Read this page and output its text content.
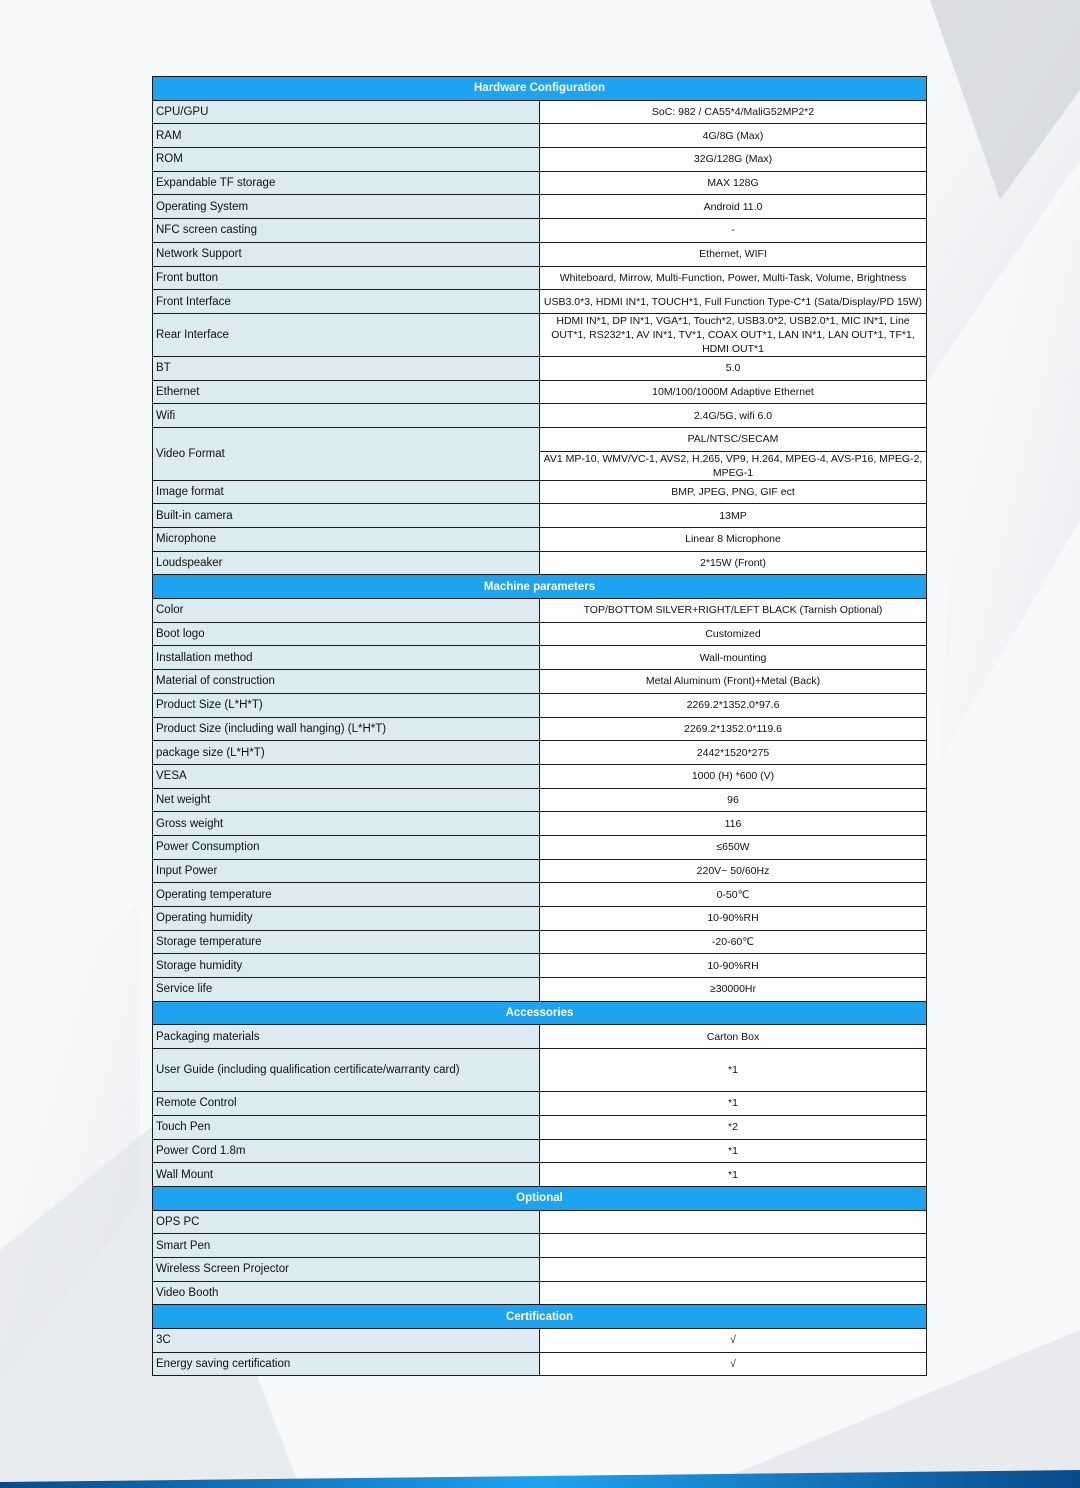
Hardware Configuration	
CPU/GPU	SoC: 982 / CA55*4/MaliG52MP2*2
RAM	4G/8G (Max)
ROM	32G/128G (Max)
Expandable TF storage	MAX 128G
Operating System	Android 11.0
NFC screen casting	-
Network Support	Ethernet, WIFI
Front button	Whiteboard, Mirrow, Multi-Function, Power, Multi-Task, Volume, Brightness
Front Interface	USB3.0*3, HDMI IN*1, TOUCH*1, Full Function Type-C*1 (Sata/Display/PD 15W)
Rear Interface	HDMI IN*1, DP IN*1, VGA*1, Touch*2, USB3.0*2, USB2.0*1, MIC IN*1, Line OUT*1, RS232*1, AV IN*1, TV*1, COAX OUT*1, LAN IN*1, LAN OUT*1, TF*1, HDMI OUT*1
BT	5.0
Ethernet	10M/100/1000M Adaptive Ethernet
Wifi	2.4G/5G, wifi 6.0
Video Format	PAL/NTSC/SECAM
	AV1 MP-10, WMV/VC-1, AVS2, H.265, VP9, H.264, MPEG-4, AVS-P16, MPEG-2, MPEG-1
Image format	BMP, JPEG, PNG, GIF ect
Built-in camera	13MP
Microphone	Linear 8 Microphone
Loudspeaker	2*15W (Front)
Machine parameters	
Color	TOP/BOTTOM SILVER+RIGHT/LEFT BLACK (Tarnish Optional)
Boot logo	Customized
Installation method	Wall-mounting
Material of construction	Metal Aluminum (Front)+Metal (Back)
Product Size (L*H*T)	2269.2*1352.0*97.6
Product Size (including wall hanging) (L*H*T)	2269.2*1352.0*119.6
package size (L*H*T)	2442*1520*275
VESA	1000 (H) *600 (V)
Net weight	96
Gross weight	116
Power Consumption	≤650W
Input Power	220V~ 50/60Hz
Operating temperature	0-50℃
Operating humidity	10-90%RH
Storage temperature	-20-60℃
Storage humidity	10-90%RH
Service life	≥30000Hr
Accessories	
Packaging materials	Carton Box
User Guide (including qualification certificate/warranty card)	*1
Remote Control	*1
Touch Pen	*2
Power Cord 1.8m	*1
Wall Mount	*1
Optional	
OPS PC	
Smart Pen	
Wireless Screen Projector	
Video Booth	
Certification	
3C	√
Energy saving certification	√
